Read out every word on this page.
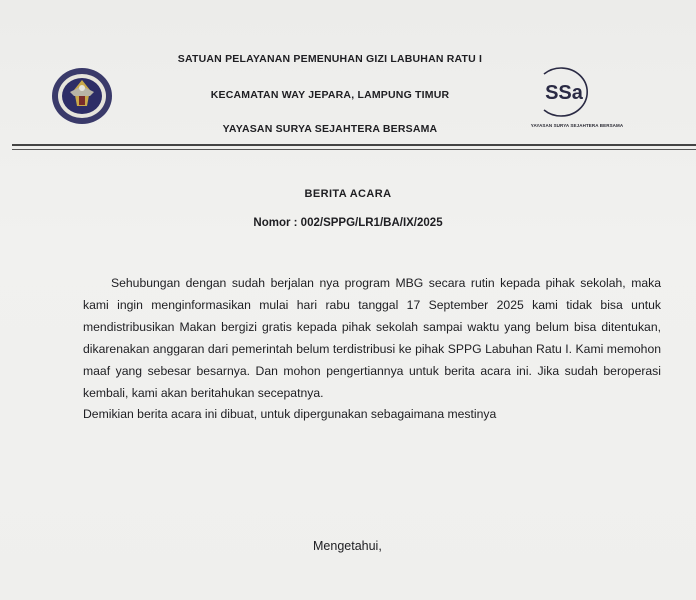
SATUAN PELAYANAN PEMENUHAN GIZI LABUHAN RATU I
KECAMATAN WAY JEPARA, LAMPUNG TIMUR
YAYASAN SURYA SEJAHTERA BERSAMA
SSa
YAYASAN SURYA SEJAHTERA BERSAMA
BERITA ACARA
Nomor : 002/SPPG/LR1/BA/IX/2025

Sehubungan dengan sudah berjalan nya program MBG secara rutin kepada pihak sekolah, maka kami ingin menginformasikan mulai hari rabu tanggal 17 September 2025 kami tidak bisa untuk mendistribusikan Makan bergizi gratis kepada pihak sekolah sampai waktu yang belum bisa ditentukan, dikarenakan anggaran dari pemerintah belum terdistribusi ke pihak SPPG Labuhan Ratu I. Kami memohon maaf yang sebesar besarnya. Dan mohon pengertiannya untuk berita acara ini. Jika sudah beroperasi kembali, kami akan beritahukan secepatnya.

Demikian berita acara ini dibuat, untuk dipergunakan sebagaimana mestinya
Mengetahui,
